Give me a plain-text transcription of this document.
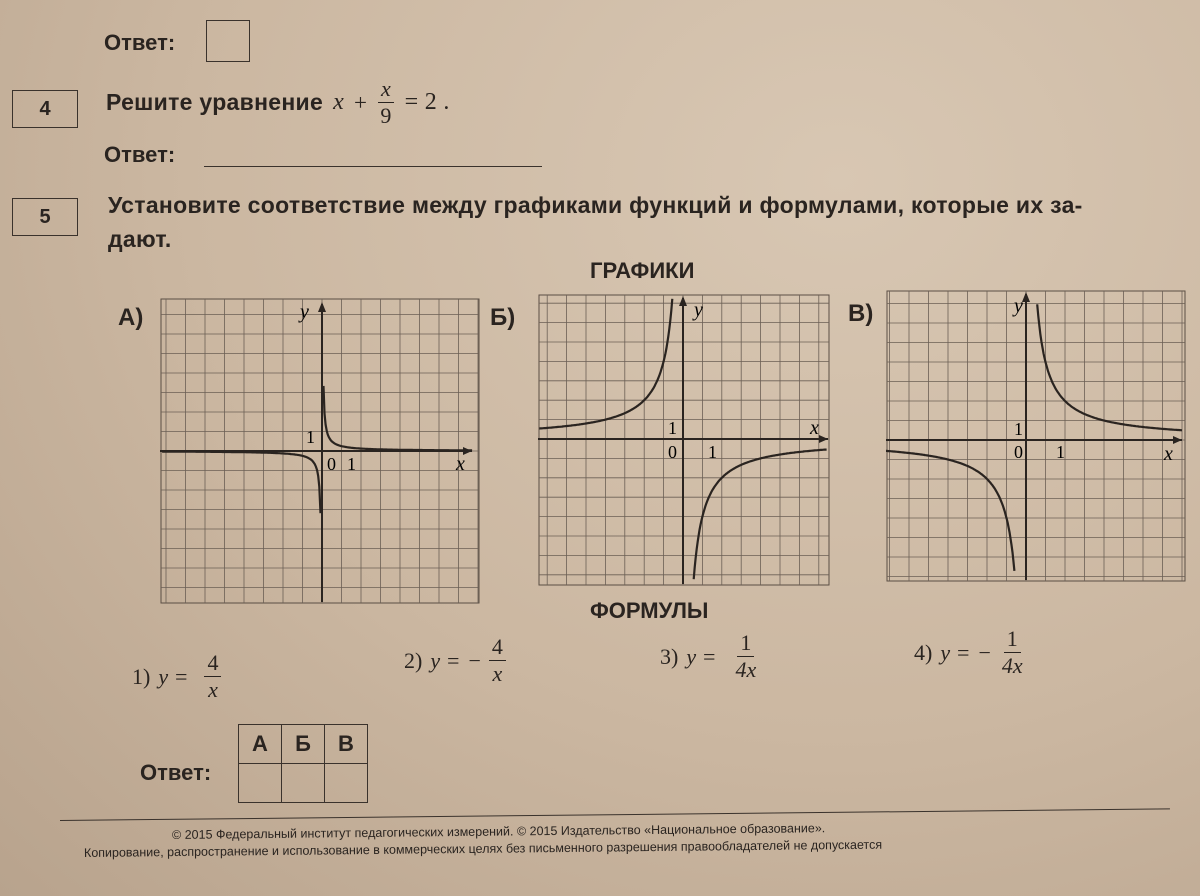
Ответ:
4	Решите уравнение $x + \frac{x}{9} = 2$ .
Ответ:
5	Установите соответствие между графиками функций и формулами, которые их за-
дают.
ГРАФИКИ
А)	Б)	В)
y
x
1
0 1
y
x
1
0 1
y
x
1
0 1
ФОРМУЛЫ
1) $y = \frac{4}{x}$	2) y = − $\frac{4}{x}$	3) $y = \frac{1}{4x}$	4) y = − $\frac{1}{4x}$
Ответ:
А	Б	В

© 2015 Федеральный институт педагогических измерений. © 2015 Издательство «Национальное образование».
Копирование, распространение и использование в коммерческих целях без письменного разрешения правообладателей не допускается
